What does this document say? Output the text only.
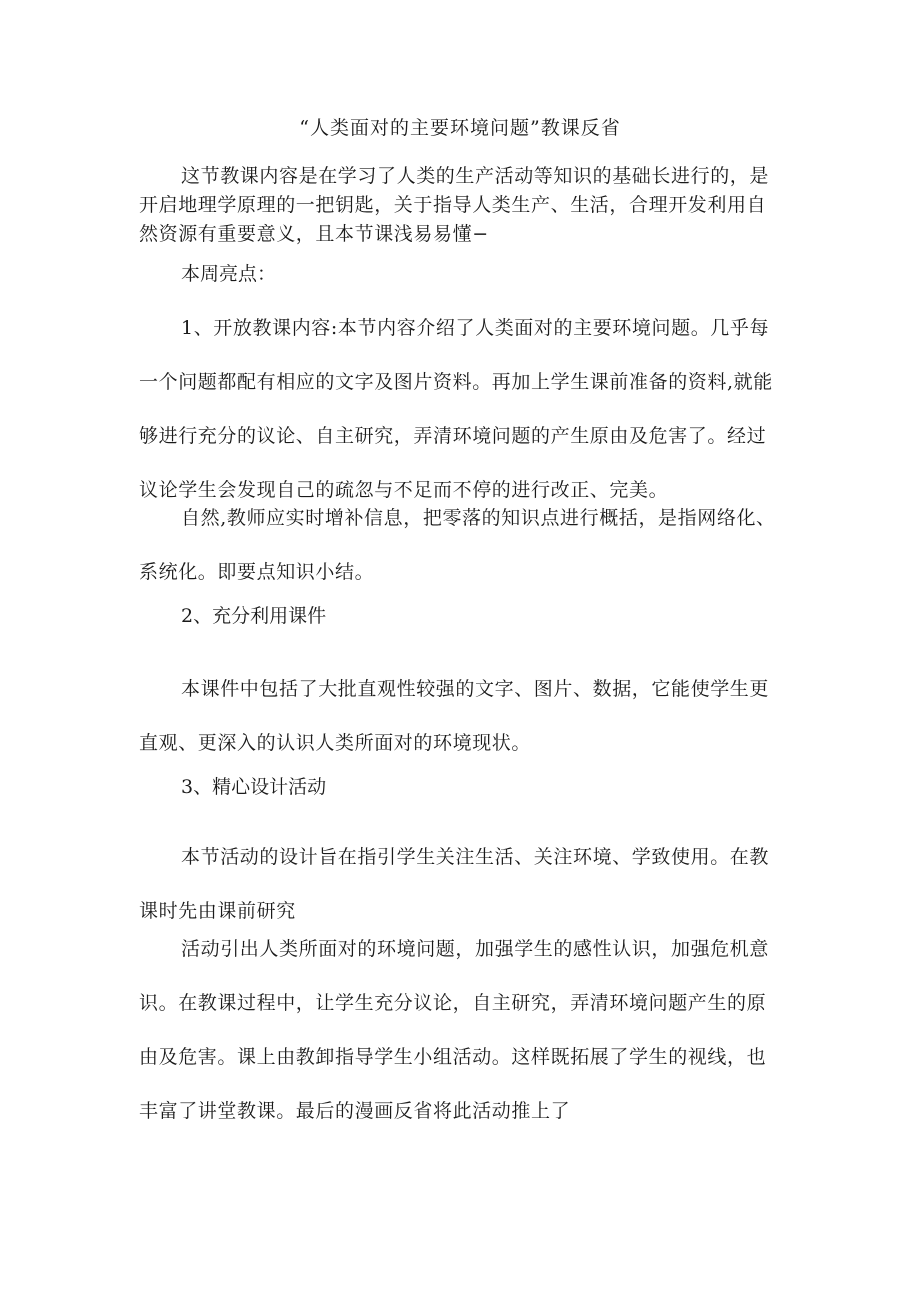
“人类面对的主要环境问题”教课反省

这节教课内容是在学习了人类的生产活动等知识的基础长进行的，是
开启地理学原理的一把钥匙，关于指导人类生产、生活，合理开发利用自
然资源有重要意义，且本节课浅易易懂−

本周亮点：

1、开放教课内容:本节内容介绍了人类面对的主要环境问题。几乎每
一个问题都配有相应的文字及图片资料。再加上学生课前准备的资料,就能
够进行充分的议论、自主研究，弄清环境问题的产生原由及危害了。经过
议论学生会发现自己的疏忽与不足而不停的进行改正、完美。

自然,教师应实时增补信息，把零落的知识点进行概括，是指网络化、
系统化。即要点知识小结。

2、充分利用课件

本课件中包括了大批直观性较强的文字、图片、数据，它能使学生更
直观、更深入的认识人类所面对的环境现状。

3、精心设计活动

本节活动的设计旨在指引学生关注生活、关注环境、学致使用。在教
课时先由课前研究

活动引出人类所面对的环境问题，加强学生的感性认识，加强危机意
识。在教课过程中，让学生充分议论，自主研究，弄清环境问题产生的原
由及危害。课上由教卸指导学生小组活动。这样既拓展了学生的视线，也
丰富了讲堂教课。最后的漫画反省将此活动推上了
